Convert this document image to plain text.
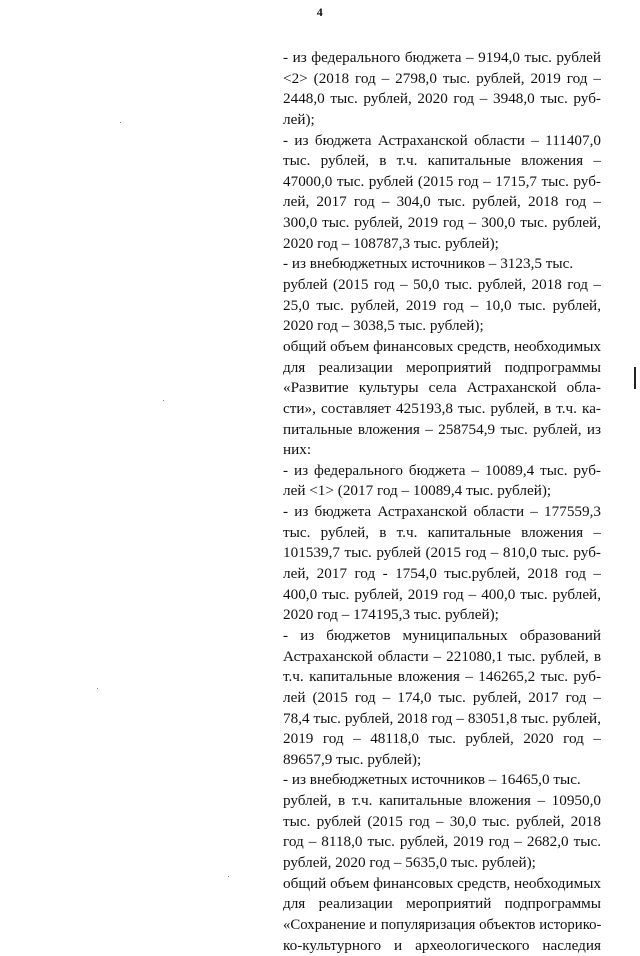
4
- из федерального бюджета – 9194,0 тыс. рублей
<2> (2018 год – 2798,0 тыс. рублей, 2019 год –
2448,0 тыс. рублей, 2020 год – 3948,0 тыс. руб-
лей);
- из бюджета Астраханской области – 111407,0
тыс. рублей, в т.ч. капитальные вложения –
47000,0 тыс. рублей (2015 год – 1715,7 тыс. руб-
лей, 2017 год – 304,0 тыс. рублей, 2018 год –
300,0 тыс. рублей, 2019 год – 300,0 тыс. рублей,
2020 год – 108787,3 тыс. рублей);
- из внебюджетных источников – 3123,5 тыс.
рублей (2015 год – 50,0 тыс. рублей, 2018 год –
25,0 тыс. рублей, 2019 год – 10,0 тыс. рублей,
2020 год – 3038,5 тыс. рублей);
общий объем финансовых средств, необходимых
для реализации мероприятий подпрограммы
«Развитие культуры села Астраханской обла-
сти», составляет 425193,8 тыс. рублей, в т.ч. ка-
питальные вложения – 258754,9 тыс. рублей, из
них:
- из федерального бюджета – 10089,4 тыс. руб-
лей <1> (2017 год – 10089,4 тыс. рублей);
- из бюджета Астраханской области – 177559,3
тыс. рублей, в т.ч. капитальные вложения –
101539,7 тыс. рублей (2015 год – 810,0 тыс. руб-
лей, 2017 год - 1754,0 тыс.рублей, 2018 год –
400,0 тыс. рублей, 2019 год – 400,0 тыс. рублей,
2020 год – 174195,3 тыс. рублей);
- из бюджетов муниципальных образований
Астраханской области – 221080,1 тыс. рублей, в
т.ч. капитальные вложения – 146265,2 тыс. руб-
лей (2015 год – 174,0 тыс. рублей, 2017 год –
78,4 тыс. рублей, 2018 год – 83051,8 тыс. рублей,
2019 год – 48118,0 тыс. рублей, 2020 год –
89657,9 тыс. рублей);
- из внебюджетных источников – 16465,0 тыс.
рублей, в т.ч. капитальные вложения – 10950,0
тыс. рублей (2015 год – 30,0 тыс. рублей, 2018
год – 8118,0 тыс. рублей, 2019 год – 2682,0 тыс.
рублей, 2020 год – 5635,0 тыс. рублей);
общий объем финансовых средств, необходимых
для реализации мероприятий подпрограммы
«Сохранение и популяризация объектов историко-
ко-культурного и археологического наследия
